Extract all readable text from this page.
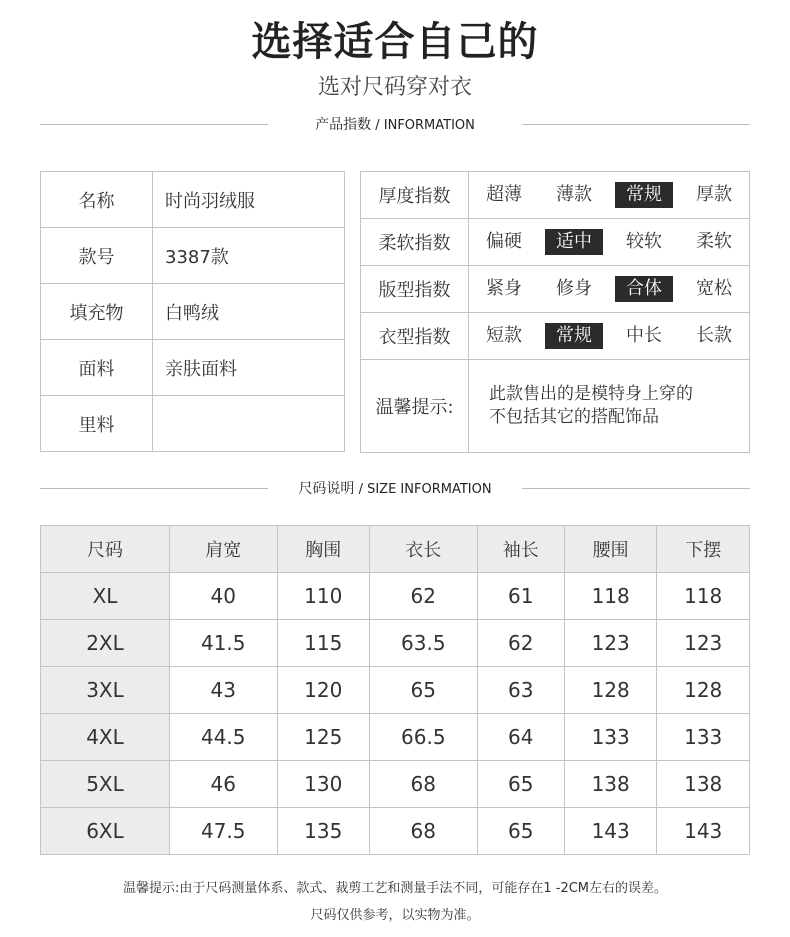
选择适合自己的
选对尺码穿对衣
产品指数 / INFORMATION
名称	时尚羽绒服
款号	3387款
填充物	白鸭绒
面料	亲肤面料
里料	
厚度指数	超薄 薄款 常规 厚款

柔软指数	偏硬 适中 较软 柔软

版型指数	紧身 修身 合体 宽松

衣型指数	短款 常规 中长 长款

温馨提示:	此款售出的是模特身上穿的
不包括其它的搭配饰品
尺码说明 / SIZE INFORMATION
尺码	肩宽	胸围	衣长	袖长	腰围	下摆
XL	40	110	62	61	118	118
2XL	41.5	115	63.5	62	123	123
3XL	43	120	65	63	128	128
4XL	44.5	125	66.5	64	133	133
5XL	46	130	68	65	138	138
6XL	47.5	135	68	65	143	143
温馨提示:由于尺码测量体系、款式、裁剪工艺和测量手法不同，可能存在1 -2CM左右的误差。
尺码仅供参考，以实物为准。
